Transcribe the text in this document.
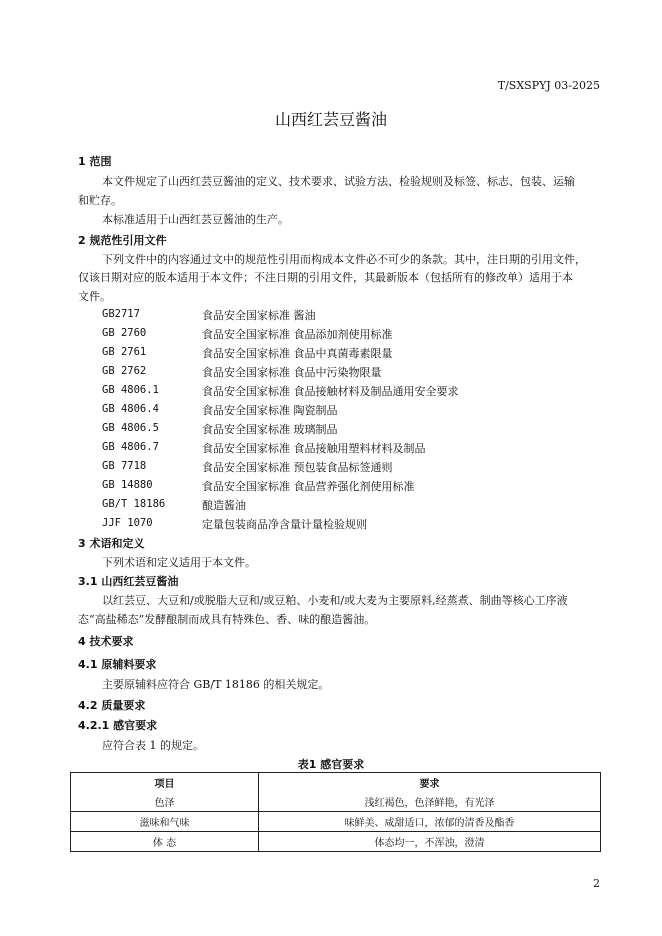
T/SXSPYJ 03-2025
山西红芸豆酱油
1 范围
本文件规定了山西红芸豆酱油的定义、技术要求、试验方法、检验规则及标签、标志、包装、运输
和贮存。
本标准适用于山西红芸豆酱油的生产。
2 规范性引用文件
下列文件中的内容通过文中的规范性引用而构成本文件必不可少的条款。其中，注日期的引用文件，
仅该日期对应的版本适用于本文件；不注日期的引用文件，其最新版本（包括所有的修改单）适用于本
文件。
GB2717	食品安全国家标准 酱油
GB 2760	食品安全国家标准 食品添加剂使用标准
GB 2761	食品安全国家标准 食品中真菌毒素限量
GB 2762	食品安全国家标准 食品中污染物限量
GB 4806.1	食品安全国家标准 食品接触材料及制品通用安全要求
GB 4806.4	食品安全国家标准 陶瓷制品
GB 4806.5	食品安全国家标准 玻璃制品
GB 4806.7	食品安全国家标准 食品接触用塑料材料及制品
GB 7718	食品安全国家标准 预包装食品标签通则
GB 14880	食品安全国家标准 食品营养强化剂使用标准
GB/T 18186	酿造酱油
JJF 1070	定量包装商品净含量计量检验规则
3 术语和定义
下列术语和定义适用于本文件。
3.1 山西红芸豆酱油
以红芸豆、大豆和/或脱脂大豆和/或豆粕、小麦和/或大麦为主要原料,经蒸煮、制曲等核心工序液
态“高盐稀态”发酵酿制而成具有特殊色、香、味的酿造酱油。
4 技术要求
4.1 原辅料要求
主要原辅料应符合 GB/T 18186 的相关规定。
4.2 质量要求
4.2.1 感官要求
应符合表 1 的规定。
表1 感官要求
项目	要求
色泽	浅红褐色，色泽鲜艳，有光泽
滋味和气味	味鲜美、咸甜适口，浓郁的清香及酯香
体 态	体态均一，不浑浊，澄清
2
